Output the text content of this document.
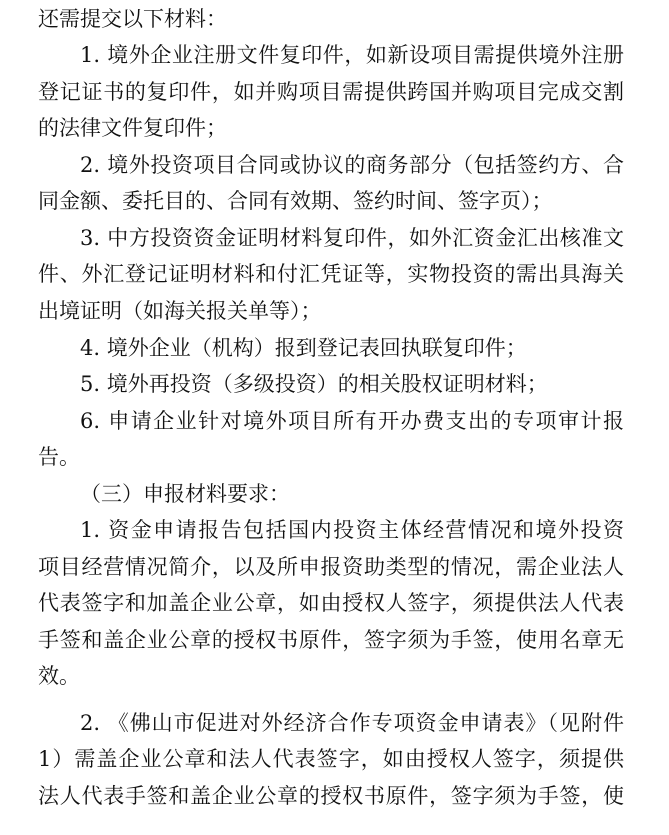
还需提交以下材料：
1. 境外企业注册文件复印件，如新设项目需提供境外注册
登记证书的复印件，如并购项目需提供跨国并购项目完成交割
的法律文件复印件；
2. 境外投资项目合同或协议的商务部分（包括签约方、合
同金额、委托目的、合同有效期、签约时间、签字页）；
3. 中方投资资金证明材料复印件，如外汇资金汇出核准文
件、外汇登记证明材料和付汇凭证等，实物投资的需出具海关
出境证明（如海关报关单等）；
4. 境外企业（机构）报到登记表回执联复印件；
5. 境外再投资（多级投资）的相关股权证明材料；
6. 申请企业针对境外项目所有开办费支出的专项审计报
告。
（三）申报材料要求：
1. 资金申请报告包括国内投资主体经营情况和境外投资
项目经营情况简介，以及所申报资助类型的情况，需企业法人
代表签字和加盖企业公章，如由授权人签字，须提供法人代表
手签和盖企业公章的授权书原件，签字须为手签，使用名章无
效。
2. 《佛山市促进对外经济合作专项资金申请表》（见附件
1）需盖企业公章和法人代表签字，如由授权人签字，须提供
法人代表手签和盖企业公章的授权书原件，签字须为手签，使
